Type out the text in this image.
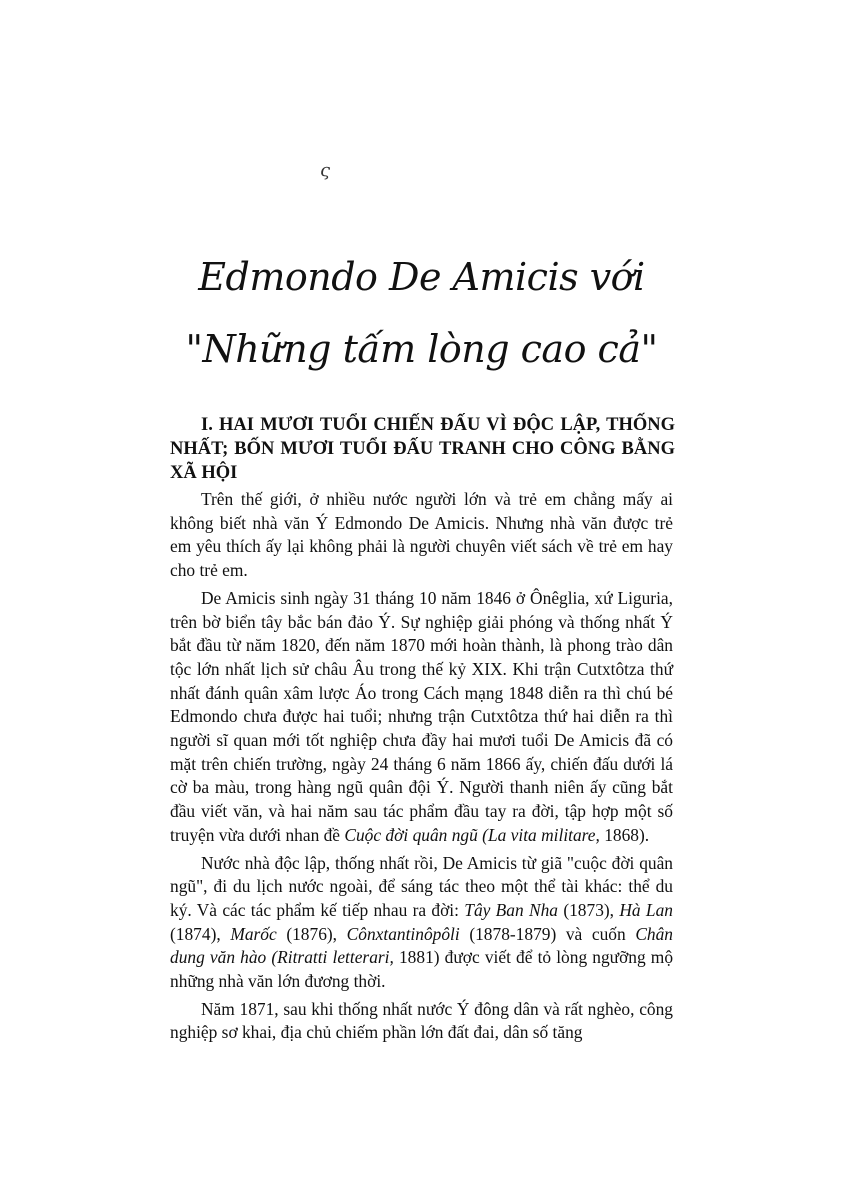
ς
Edmondo De Amicis với
"Những tấm lòng cao cả"
I. HAI MƯƠI TUỔI CHIẾN ĐẤU VÌ ĐỘC LẬP, THỐNG NHẤT; BỐN MƯƠI TUỔI ĐẤU TRANH CHO CÔNG BẰNG XÃ HỘI

Trên thế giới, ở nhiều nước người lớn và trẻ em chẳng mấy ai không biết nhà văn Ý Edmondo De Amicis. Nhưng nhà văn được trẻ em yêu thích ấy lại không phải là người chuyên viết sách về trẻ em hay cho trẻ em.

De Amicis sinh ngày 31 tháng 10 năm 1846 ở Ônêglia, xứ Liguria, trên bờ biển tây bắc bán đảo Ý. Sự nghiệp giải phóng và thống nhất Ý bắt đầu từ năm 1820, đến năm 1870 mới hoàn thành, là phong trào dân tộc lớn nhất lịch sử châu Âu trong thế kỷ XIX. Khi trận Cutxtôtza thứ nhất đánh quân xâm lược Áo trong Cách mạng 1848 diễn ra thì chú bé Edmondo chưa được hai tuổi; nhưng trận Cutxtôtza thứ hai diễn ra thì người sĩ quan mới tốt nghiệp chưa đầy hai mươi tuổi De Amicis đã có mặt trên chiến trường, ngày 24 tháng 6 năm 1866 ấy, chiến đấu dưới lá cờ ba màu, trong hàng ngũ quân đội Ý. Người thanh niên ấy cũng bắt đầu viết văn, và hai năm sau tác phẩm đầu tay ra đời, tập hợp một số truyện vừa dưới nhan đề Cuộc đời quân ngũ (La vita militare, 1868).

Nước nhà độc lập, thống nhất rồi, De Amicis từ giã "cuộc đời quân ngũ", đi du lịch nước ngoài, để sáng tác theo một thể tài khác: thể du ký. Và các tác phẩm kế tiếp nhau ra đời: Tây Ban Nha (1873), Hà Lan (1874), Marốc (1876), Cônxtantinôpôli (1878-1879) và cuốn Chân dung văn hào (Ritratti letterari, 1881) được viết để tỏ lòng ngưỡng mộ những nhà văn lớn đương thời.

Năm 1871, sau khi thống nhất nước Ý đông dân và rất nghèo, công nghiệp sơ khai, địa chủ chiếm phần lớn đất đai, dân số tăng
